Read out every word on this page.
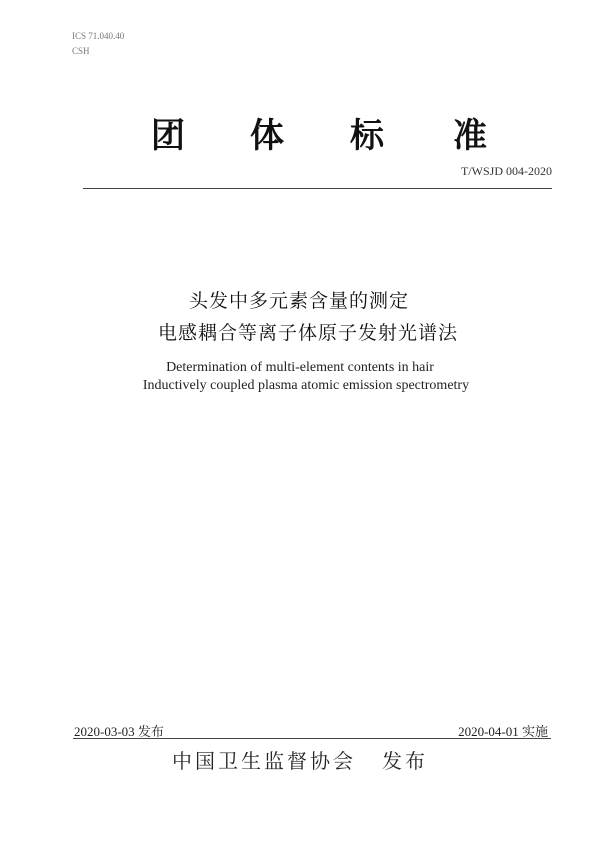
ICS 71.040.40
CSH
团 体 标 准
T/WSJD 004-2020
头发中多元素含量的测定
电感耦合等离子体原子发射光谱法
Determination of multi-element contents in hair
Inductively coupled plasma atomic emission spectrometry
2020-03-03 发布	2020-04-01 实施
中国卫生监督协会 发布
